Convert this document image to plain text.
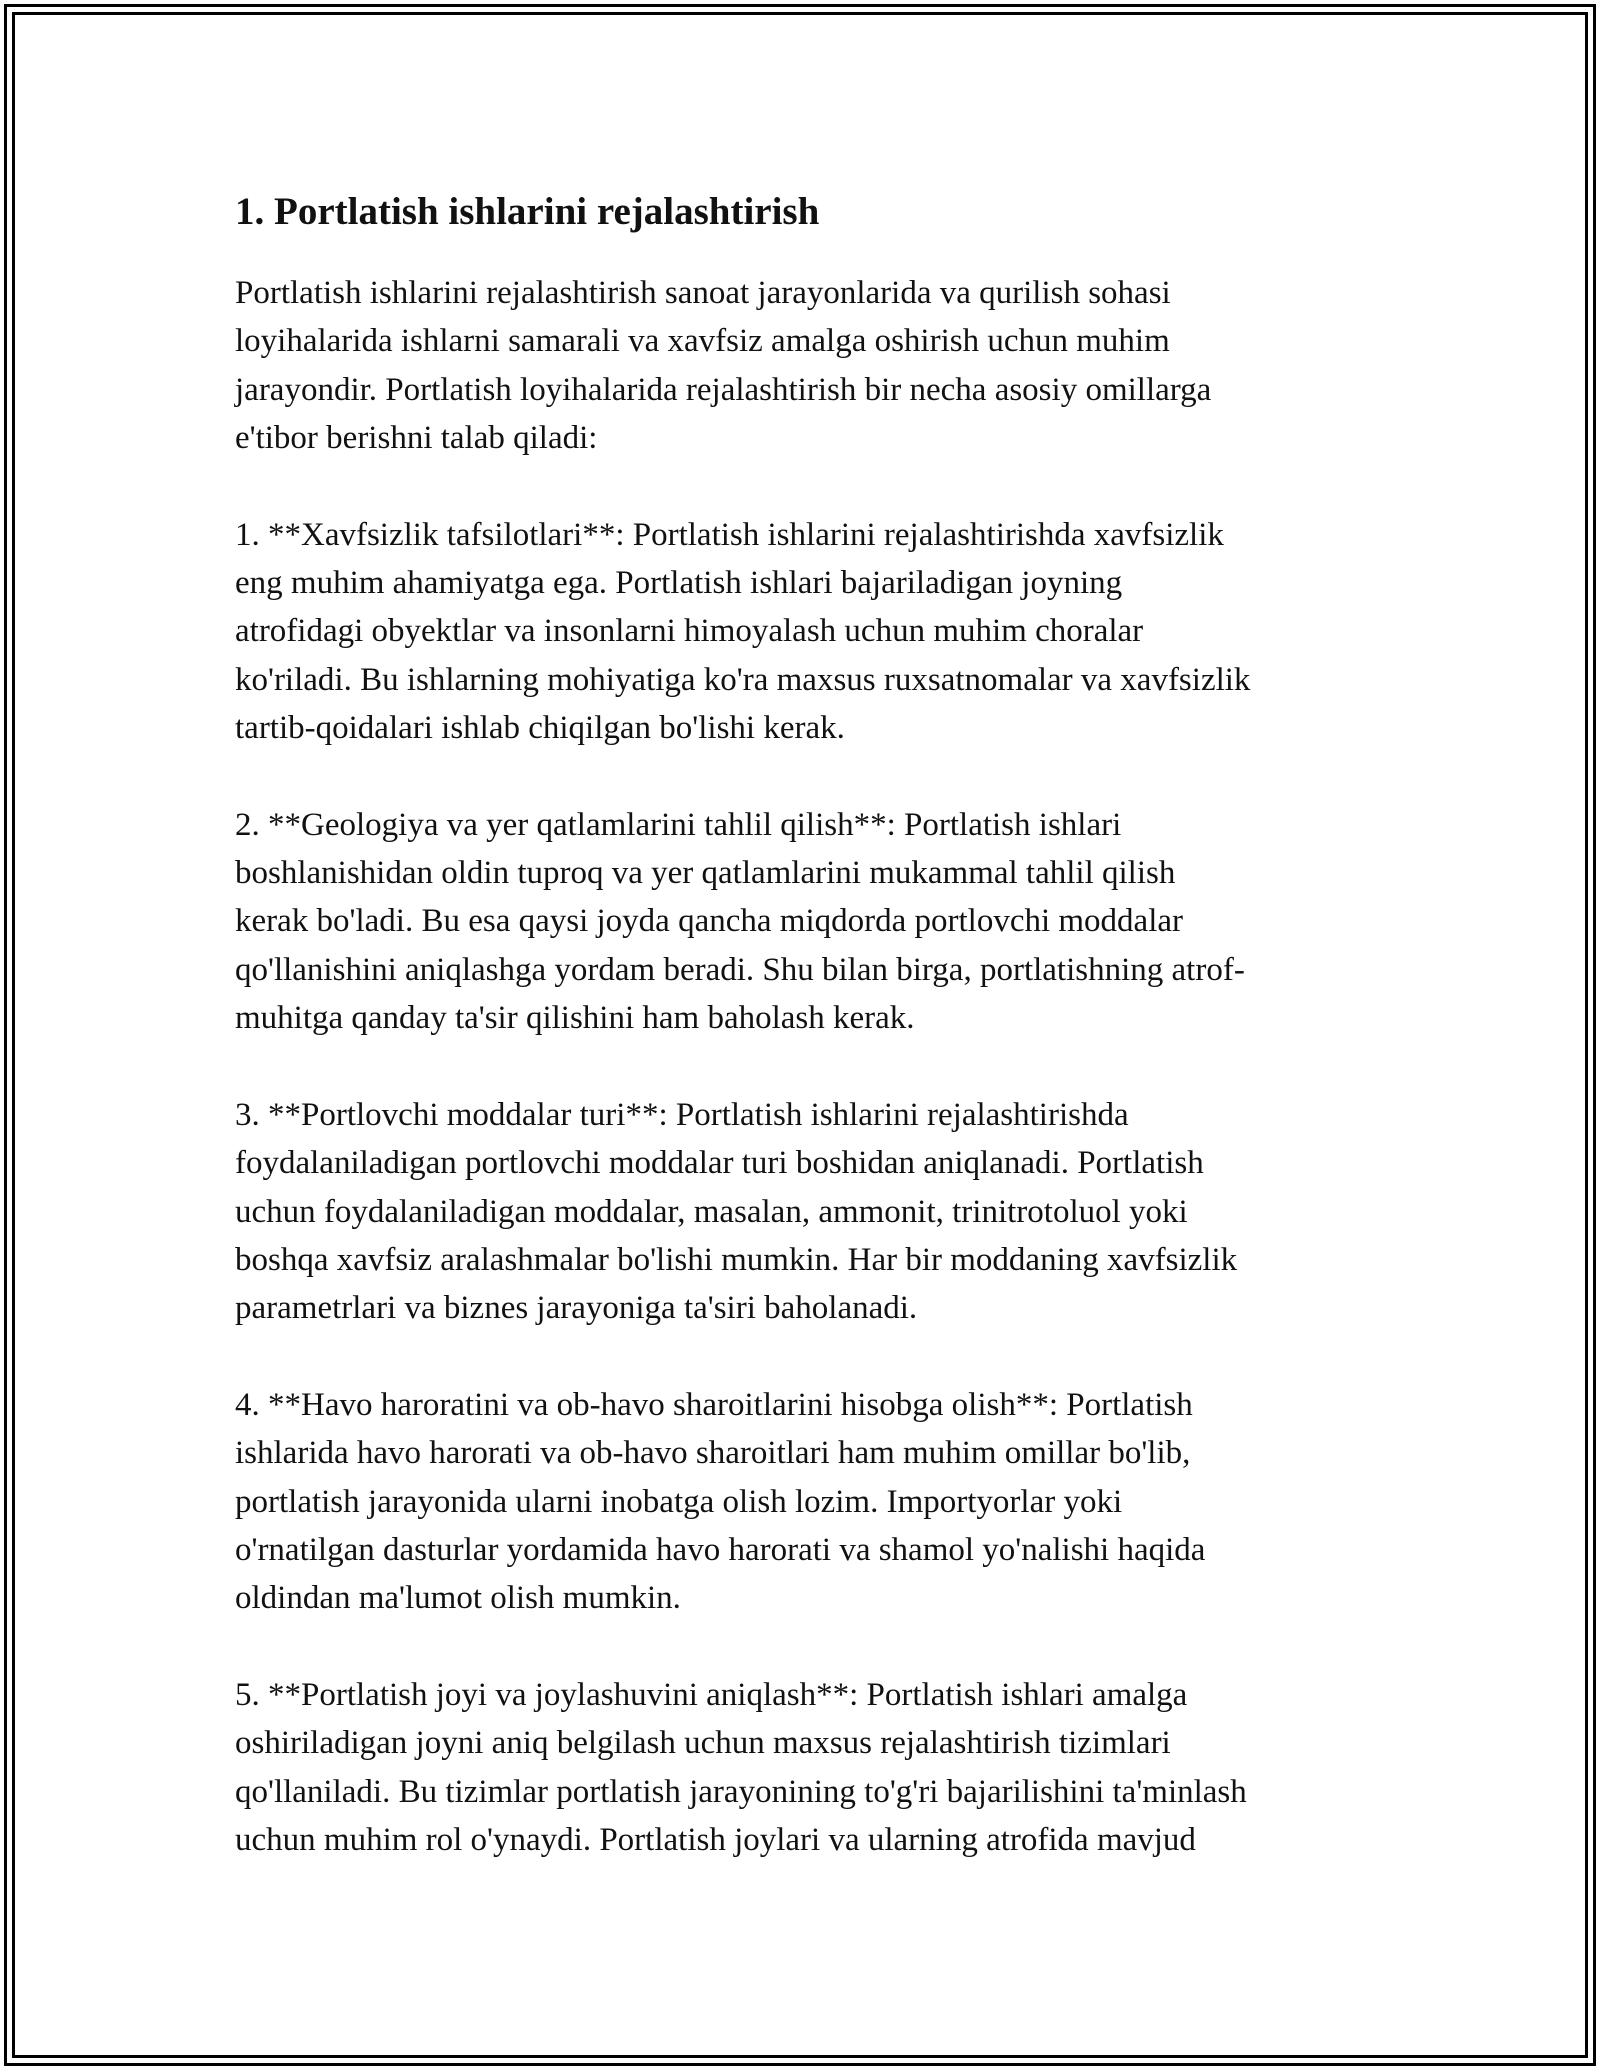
1. Portlatish ishlarini rejalashtirish

Portlatish ishlarini rejalashtirish sanoat jarayonlarida va qurilish sohasi
loyihalarida ishlarni samarali va xavfsiz amalga oshirish uchun muhim
jarayondir. Portlatish loyihalarida rejalashtirish bir necha asosiy omillarga
e'tibor berishni talab qiladi:

1. **Xavfsizlik tafsilotlari**: Portlatish ishlarini rejalashtirishda xavfsizlik
eng muhim ahamiyatga ega. Portlatish ishlari bajariladigan joyning
atrofidagi obyektlar va insonlarni himoyalash uchun muhim choralar
ko'riladi. Bu ishlarning mohiyatiga ko'ra maxsus ruxsatnomalar va xavfsizlik
tartib-qoidalari ishlab chiqilgan bo'lishi kerak.

2. **Geologiya va yer qatlamlarini tahlil qilish**: Portlatish ishlari
boshlanishidan oldin tuproq va yer qatlamlarini mukammal tahlil qilish
kerak bo'ladi. Bu esa qaysi joyda qancha miqdorda portlovchi moddalar
qo'llanishini aniqlashga yordam beradi. Shu bilan birga, portlatishning atrof-
muhitga qanday ta'sir qilishini ham baholash kerak.

3. **Portlovchi moddalar turi**: Portlatish ishlarini rejalashtirishda
foydalaniladigan portlovchi moddalar turi boshidan aniqlanadi. Portlatish
uchun foydalaniladigan moddalar, masalan, ammonit, trinitrotoluol yoki
boshqa xavfsiz aralashmalar bo'lishi mumkin. Har bir moddaning xavfsizlik
parametrlari va biznes jarayoniga ta'siri baholanadi.

4. **Havo haroratini va ob-havo sharoitlarini hisobga olish**: Portlatish
ishlarida havo harorati va ob-havo sharoitlari ham muhim omillar bo'lib,
portlatish jarayonida ularni inobatga olish lozim. Importyorlar yoki
o'rnatilgan dasturlar yordamida havo harorati va shamol yo'nalishi haqida
oldindan ma'lumot olish mumkin.

5. **Portlatish joyi va joylashuvini aniqlash**: Portlatish ishlari amalga
oshiriladigan joyni aniq belgilash uchun maxsus rejalashtirish tizimlari
qo'llaniladi. Bu tizimlar portlatish jarayonining to'g'ri bajarilishini ta'minlash
uchun muhim rol o'ynaydi. Portlatish joylari va ularning atrofida mavjud
